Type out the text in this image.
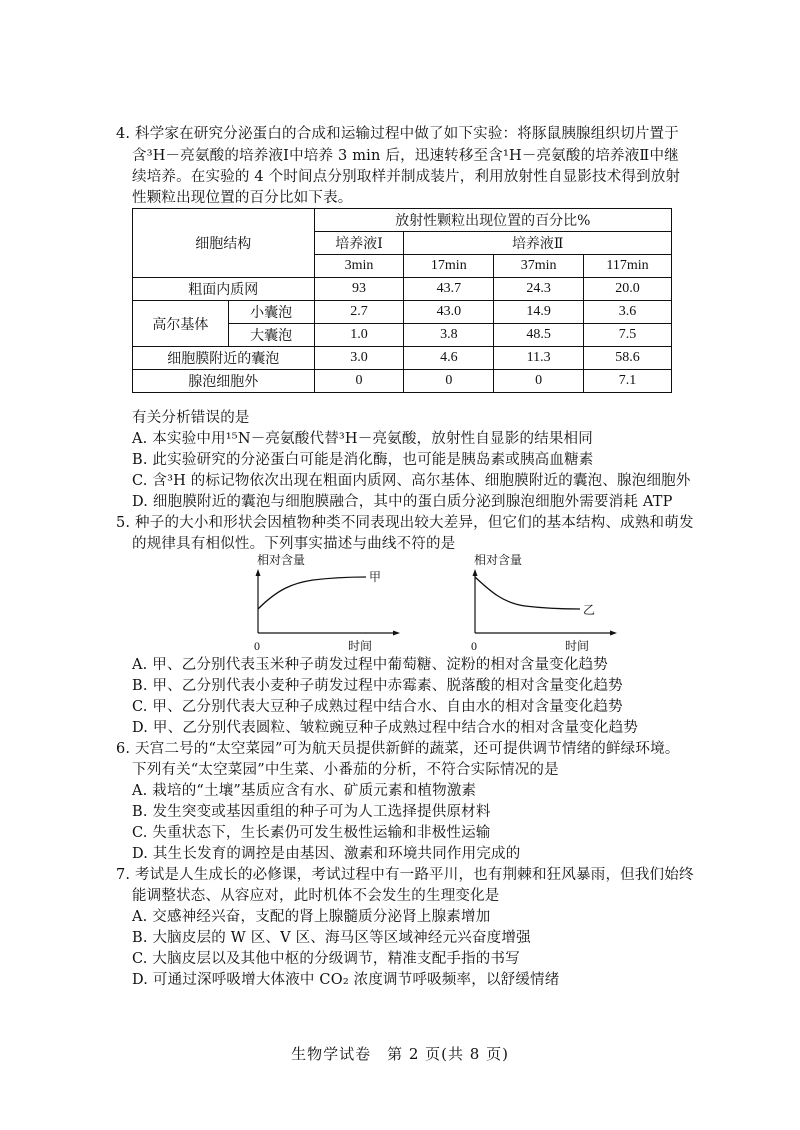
4. 科学家在研究分泌蛋白的合成和运输过程中做了如下实验：将豚鼠胰腺组织切片置于
含³H－亮氨酸的培养液Ⅰ中培养 3 min 后，迅速转移至含¹H－亮氨酸的培养液Ⅱ中继
续培养。在实验的 4 个时间点分别取样并制成装片，利用放射性自显影技术得到放射
性颗粒出现位置的百分比如下表。
细胞结构		放射性颗粒出现位置的百分比%			
		培养液Ⅰ	培养液Ⅱ		
		3min	17min	37min	117min
粗面内质网		93	43.7	24.3	20.0
高尔基体	小囊泡	2.7	43.0	14.9	3.6
	大囊泡	1.0	3.8	48.5	7.5
细胞膜附近的囊泡		3.0	4.6	11.3	58.6
腺泡细胞外		0	0	0	7.1
有关分析错误的是
A. 本实验中用¹⁵N－亮氨酸代替³H－亮氨酸，放射性自显影的结果相同
B. 此实验研究的分泌蛋白可能是消化酶，也可能是胰岛素或胰高血糖素
C. 含³H 的标记物依次出现在粗面内质网、高尔基体、细胞膜附近的囊泡、腺泡细胞外
D. 细胞膜附近的囊泡与细胞膜融合，其中的蛋白质分泌到腺泡细胞外需要消耗 ATP
5. 种子的大小和形状会因植物种类不同表现出较大差异，但它们的基本结构、成熟和萌发
的规律具有相似性。下列事实描述与曲线不符的是
相对含量
甲
0	时间
相对含量
乙
0	时间
A. 甲、乙分别代表玉米种子萌发过程中葡萄糖、淀粉的相对含量变化趋势
B. 甲、乙分别代表小麦种子萌发过程中赤霉素、脱落酸的相对含量变化趋势
C. 甲、乙分别代表大豆种子成熟过程中结合水、自由水的相对含量变化趋势
D. 甲、乙分别代表圆粒、皱粒豌豆种子成熟过程中结合水的相对含量变化趋势
6. 天宫二号的“太空菜园”可为航天员提供新鲜的蔬菜，还可提供调节情绪的鲜绿环境。
下列有关“太空菜园”中生菜、小番茄的分析，不符合实际情况的是
A. 栽培的“土壤”基质应含有水、矿质元素和植物激素
B. 发生突变或基因重组的种子可为人工选择提供原材料
C. 失重状态下，生长素仍可发生极性运输和非极性运输
D. 其生长发育的调控是由基因、激素和环境共同作用完成的
7. 考试是人生成长的必修课，考试过程中有一路平川，也有荆棘和狂风暴雨，但我们始终
能调整状态、从容应对，此时机体不会发生的生理变化是
A. 交感神经兴奋，支配的肾上腺髓质分泌肾上腺素增加
B. 大脑皮层的 W 区、V 区、海马区等区域神经元兴奋度增强
C. 大脑皮层以及其他中枢的分级调节，精准支配手指的书写
D. 可通过深呼吸增大体液中 CO₂ 浓度调节呼吸频率，以舒缓情绪
生物学试卷　第 2 页(共 8 页)
